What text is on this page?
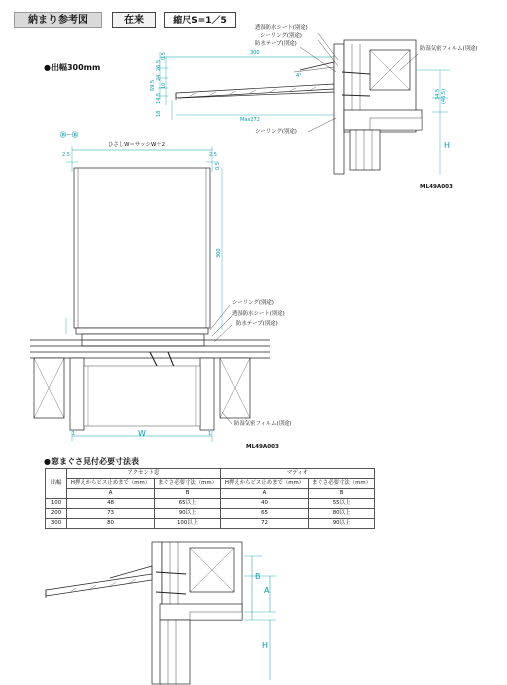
納まり参考図	在来	縮尺S=1／5
●出幅300mm
透湿防水シート(別途)
シーリング(別途)
防水テープ(別途)
防湿気密フィルム(別途)
シーリング(別途)
300
0.5
26.5
24
69.5 10
14.5
18
Max272
4°
34.5 (46.5)
H
ML49A003
Ⓑ－Ⓑ
ひさしW＝サッシW＋2
2.5	2.5
0.5
300
シーリング(別途)
透湿防水シート(別途)
防水テープ(別途)
防湿気密フィルム(別途)
1	1
W
ML49A003
●窓まぐさ見付必要寸法表
出幅	アクセント窓		マディオ	
	H押えからビス止めまで（mm）	まぐさ必要寸法（mm）	H押えからビス止めまで（mm）	まぐさ必要寸法（mm）
	A	B	A	B
100	48	65以上	40	55以上
200	73	90以上	65	80以上
300	80	100以上	72	90以上
B
A
H
